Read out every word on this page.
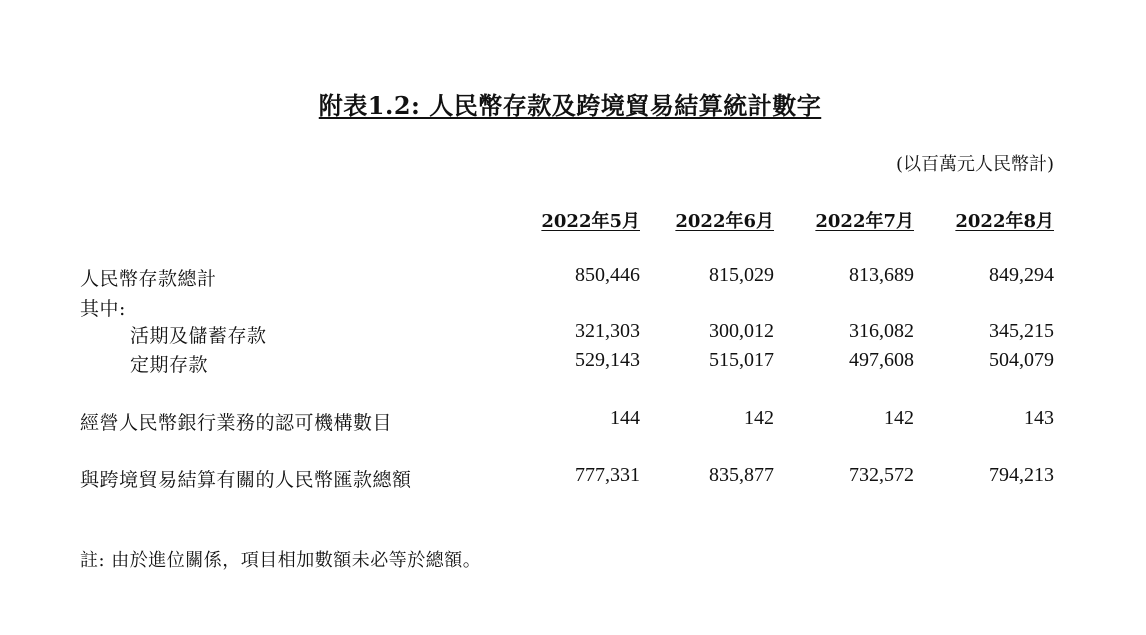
附表1.2: 人民幣存款及跨境貿易結算統計數字
(以百萬元人民幣計)
2022年5月	2022年6月	2022年7月	2022年8月
人民幣存款總計	850,446	815,029	813,689	849,294
其中:
活期及儲蓄存款	321,303	300,012	316,082	345,215
定期存款	529,143	515,017	497,608	504,079
經營人民幣銀行業務的認可機構數目	144	142	142	143
與跨境貿易結算有關的人民幣匯款總額	777,331	835,877	732,572	794,213
註: 由於進位關係，項目相加數額未必等於總額。
